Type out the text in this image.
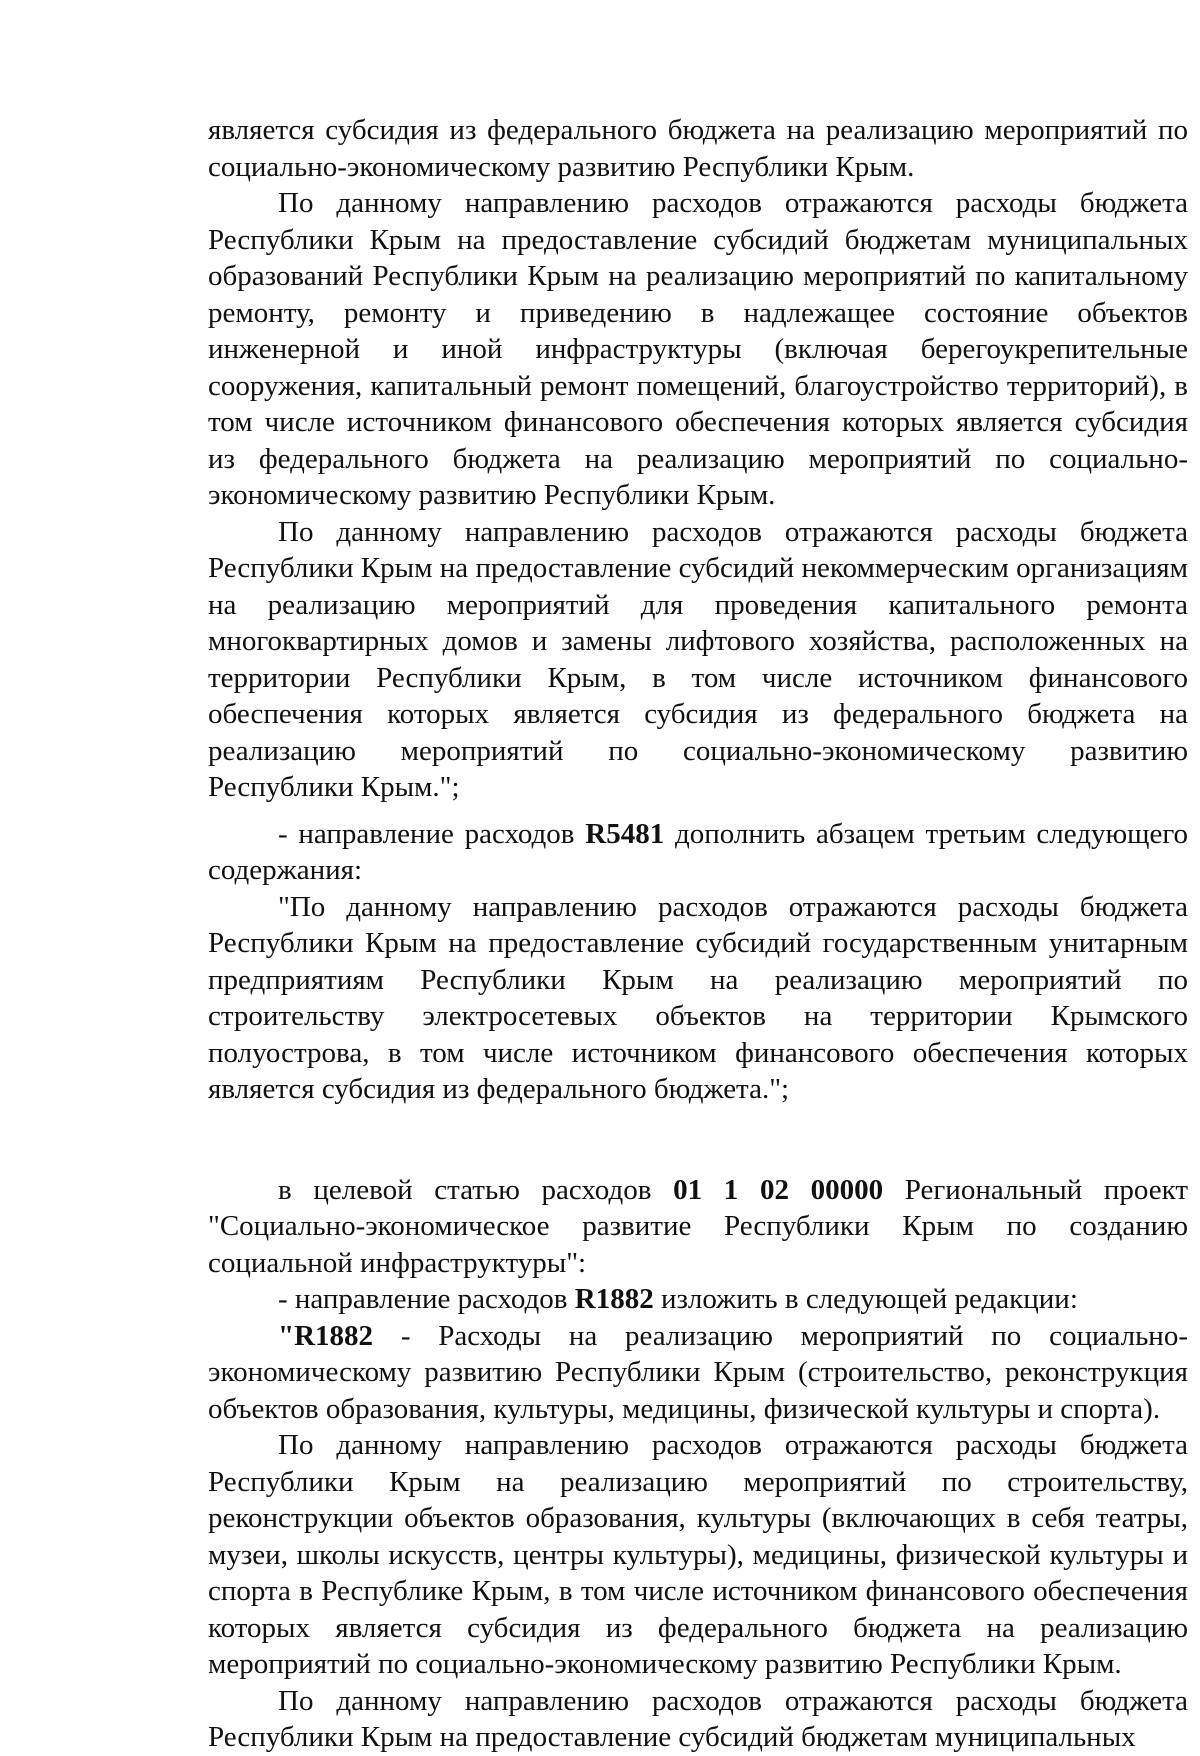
является субсидия из федерального бюджета на реализацию мероприятий по социально-экономическому развитию Республики Крым.

По данному направлению расходов отражаются расходы бюджета Республики Крым на предоставление субсидий бюджетам муниципальных образований Республики Крым на реализацию мероприятий по капитальному ремонту, ремонту и приведению в надлежащее состояние объектов инженерной и иной инфраструктуры (включая берегоукрепительные сооружения, капитальный ремонт помещений, благоустройство территорий), в том числе источником финансового обеспечения которых является субсидия из федерального бюджета на реализацию мероприятий по социально-экономическому развитию Республики Крым.

По данному направлению расходов отражаются расходы бюджета Республики Крым на предоставление субсидий некоммерческим организациям на реализацию мероприятий для проведения капитального ремонта многоквартирных домов и замены лифтового хозяйства, расположенных на территории Республики Крым, в том числе источником финансового обеспечения которых является субсидия из федерального бюджета на реализацию мероприятий по социально-экономическому развитию Республики Крым.";

- направление расходов R5481 дополнить абзацем третьим следующего содержания:

"По данному направлению расходов отражаются расходы бюджета Республики Крым на предоставление субсидий государственным унитарным предприятиям Республики Крым на реализацию мероприятий по строительству электросетевых объектов на территории Крымского полуострова, в том числе источником финансового обеспечения которых является субсидия из федерального бюджета.";

в целевой статью расходов 01 1 02 00000 Региональный проект "Социально-экономическое развитие Республики Крым по созданию социальной инфраструктуры":

- направление расходов R1882 изложить в следующей редакции:

"R1882 - Расходы на реализацию мероприятий по социально-экономическому развитию Республики Крым (строительство, реконструкция объектов образования, культуры, медицины, физической культуры и спорта).

По данному направлению расходов отражаются расходы бюджета Республики Крым на реализацию мероприятий по строительству, реконструкции объектов образования, культуры (включающих в себя театры, музеи, школы искусств, центры культуры), медицины, физической культуры и спорта в Республике Крым, в том числе источником финансового обеспечения которых является субсидия из федерального бюджета на реализацию мероприятий по социально-экономическому развитию Республики Крым.

По данному направлению расходов отражаются расходы бюджета Республики Крым на предоставление субсидий бюджетам муниципальных
